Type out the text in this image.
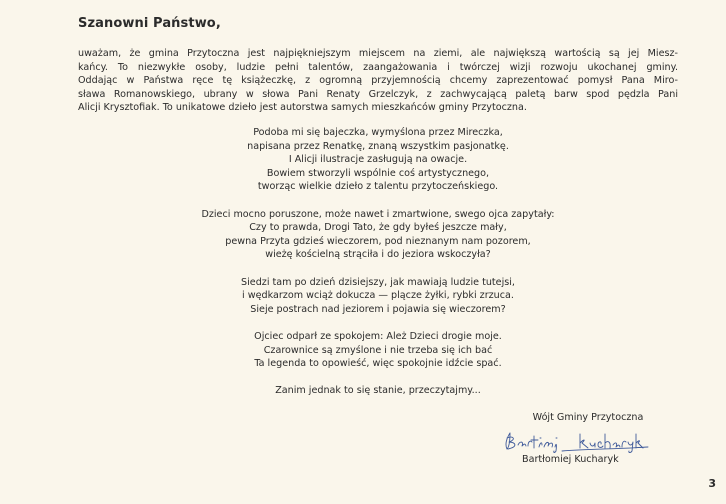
Szanowni Państwo,
uważam, że gmina Przytoczna jest najpiękniejszym miejscem na ziemi, ale największą wartością są jej Miesz-
kańcy. To niezwykłe osoby, ludzie pełni talentów, zaangażowania i twórczej wizji rozwoju ukochanej gminy.
Oddając w Państwa ręce tę książeczkę, z ogromną przyjemnością chcemy zaprezentować pomysł Pana Miro-
sława Romanowskiego, ubrany w słowa Pani Renaty Grzelczyk, z zachwycającą paletą barw spod pędzla Pani
Alicji Krysztofiak. To unikatowe dzieło jest autorstwa samych mieszkańców gminy Przytoczna.
Podoba mi się bajeczka, wymyślona przez Mireczka,
napisana przez Renatkę, znaną wszystkim pasjonatkę.
I Alicji ilustracje zasługują na owacje.
Bowiem stworzyli wspólnie coś artystycznego,
tworząc wielkie dzieło z talentu przytoczeńskiego.
Dzieci mocno poruszone, może nawet i zmartwione, swego ojca zapytały:
Czy to prawda, Drogi Tato, że gdy byłeś jeszcze mały,
pewna Przyta gdzieś wieczorem, pod nieznanym nam pozorem,
wieżę kościelną strąciła i do jeziora wskoczyła?
Siedzi tam po dzień dzisiejszy, jak mawiają ludzie tutejsi,
i wędkarzom wciąż dokucza — plącze żyłki, rybki zrzuca.
Sieje postrach nad jeziorem i pojawia się wieczorem?
Ojciec odparł ze spokojem: Ależ Dzieci drogie moje.
Czarownice są zmyślone i nie trzeba się ich bać
Ta legenda to opowieść, więc spokojnie idźcie spać.
Zanim jednak to się stanie, przeczytajmy...
Wójt Gminy Przytoczna
Bartłomiej Kucharyk
3
